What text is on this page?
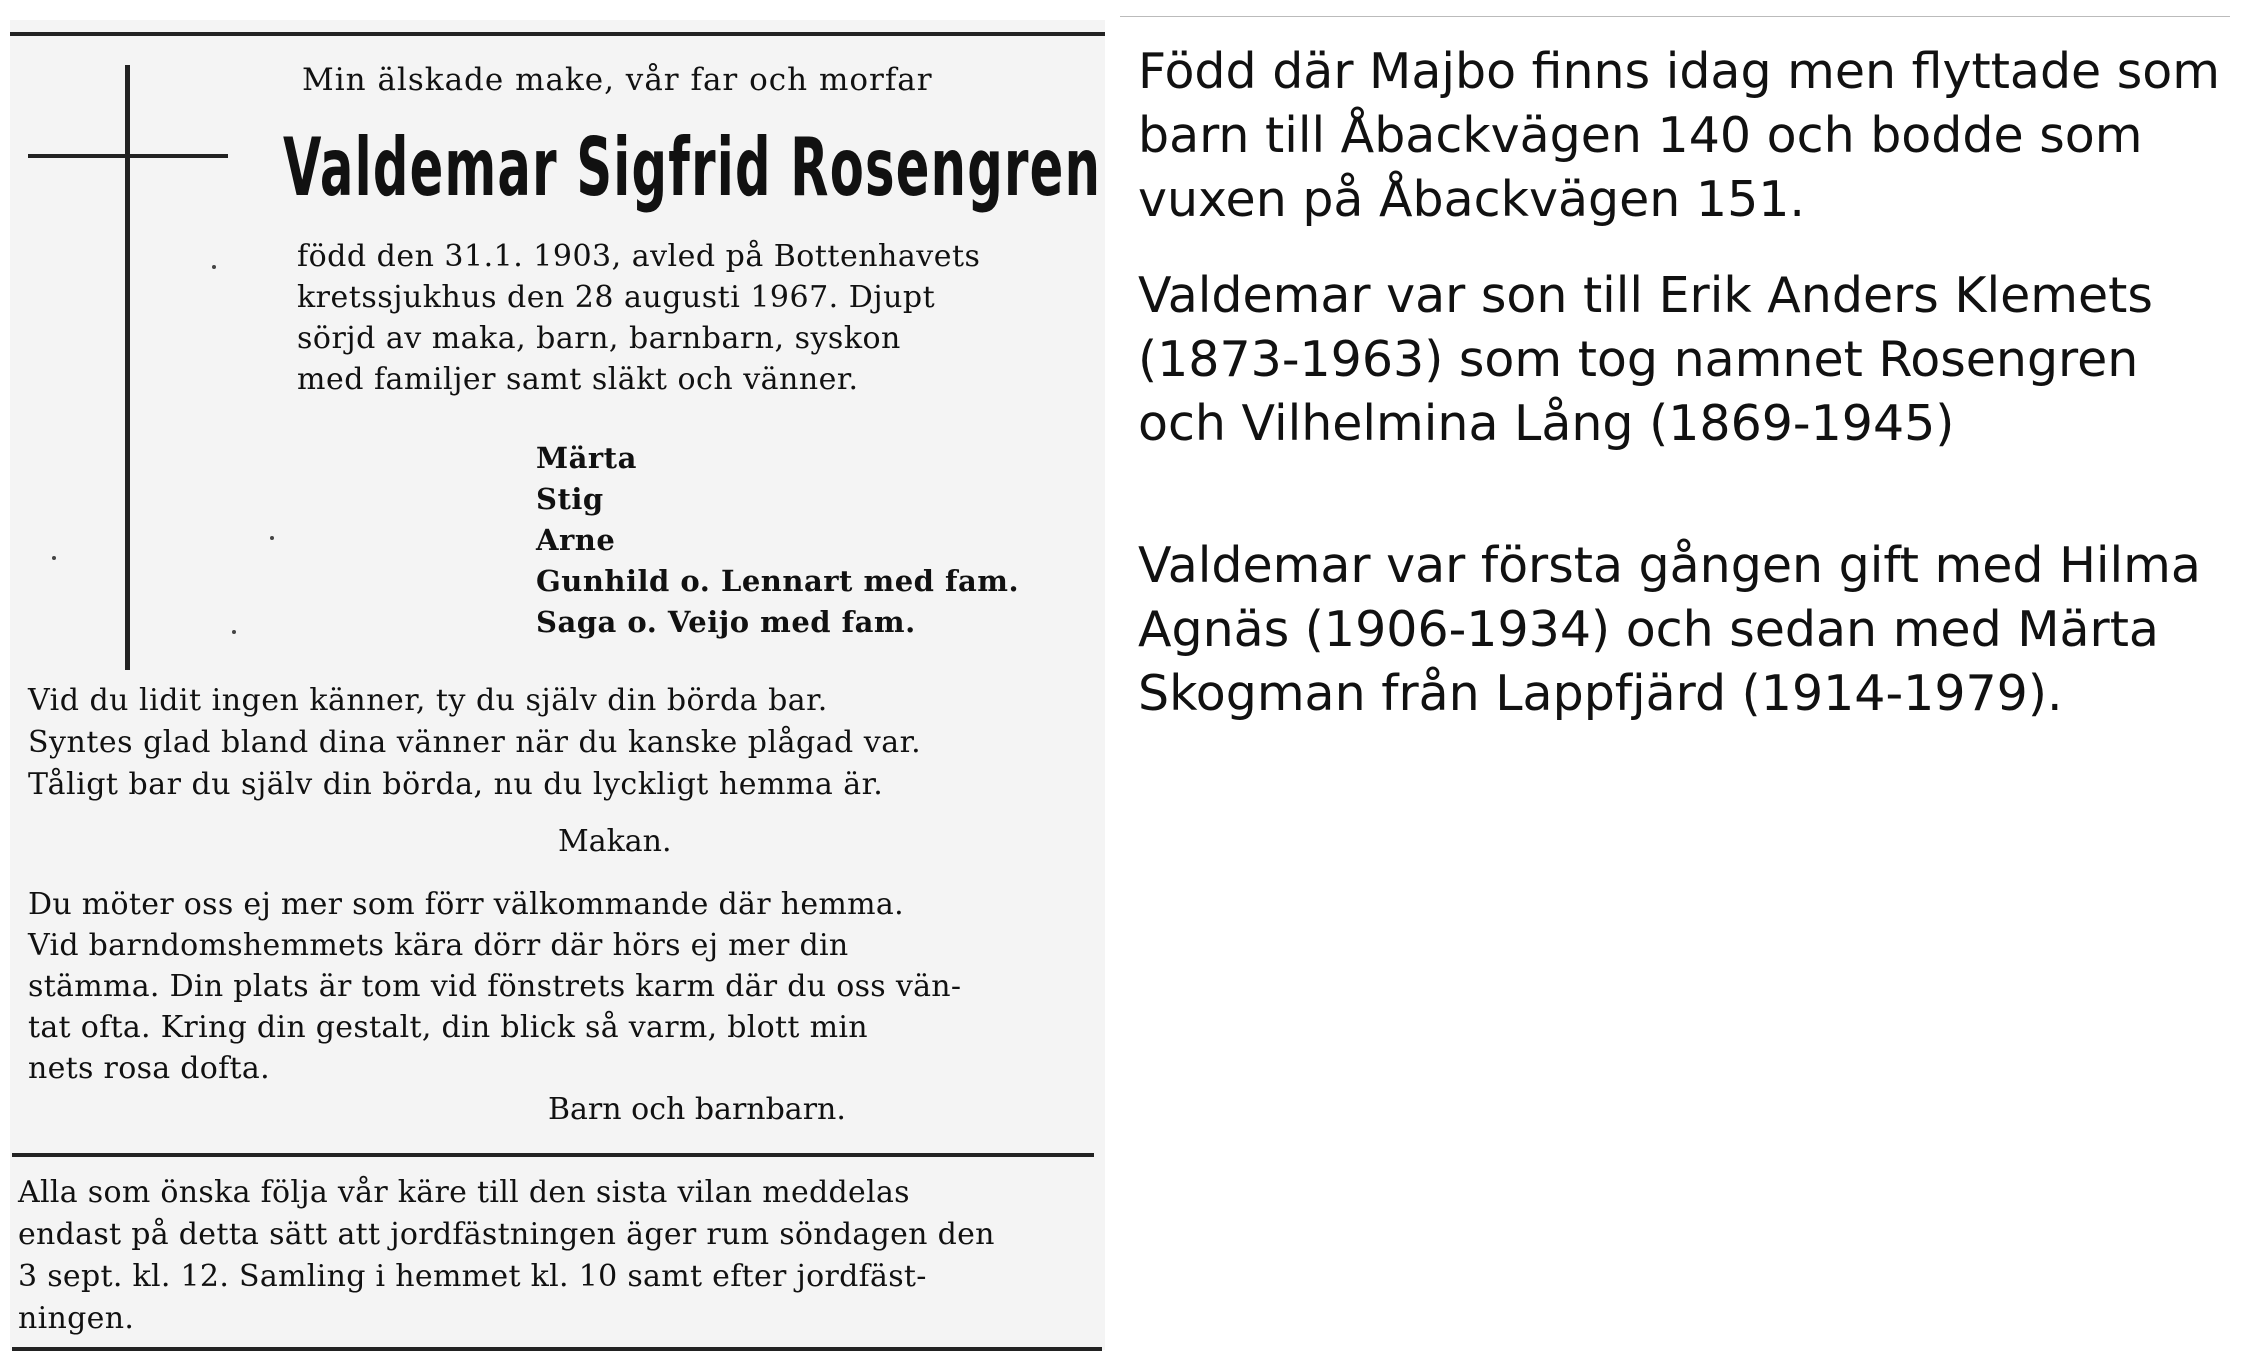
Min älskade make, vår far och morfar
Valdemar Sigfrid Rosengren
född den 31.1. 1903, avled på Bottenhavets
kretssjukhus den 28 augusti 1967. Djupt
sörjd av maka, barn, barnbarn, syskon
med familjer samt släkt och vänner.
Märta
Stig
Arne
Gunhild o. Lennart med fam.
Saga o. Veijo med fam.
Vid du lidit ingen känner, ty du själv din börda bar.
Syntes glad bland dina vänner när du kanske plågad var.
Tåligt bar du själv din börda, nu du lyckligt hemma är.
Makan.
Du möter oss ej mer som förr välkommande där hemma.
Vid barndomshemmets kära dörr där hörs ej mer din
stämma. Din plats är tom vid fönstrets karm där du oss vän-
tat ofta. Kring din gestalt, din blick så varm, blott min
nets rosa dofta.
Barn och barnbarn.
Alla som önska följa vår käre till den sista vilan meddelas
endast på detta sätt att jordfästningen äger rum söndagen den
3 sept. kl. 12. Samling i hemmet kl. 10 samt efter jordfäst-
ningen.
Född där Majbo finns idag men flyttade som barn till Åbackvägen 140 och bodde som vuxen på Åbackvägen 151.
Valdemar var son till Erik Anders Klemets (1873-1963) som tog namnet Rosengren och Vilhelmina Lång (1869-1945)
Valdemar var första gången gift med Hilma Agnäs (1906-1934) och sedan med Märta Skogman från Lappfjärd (1914-1979).
